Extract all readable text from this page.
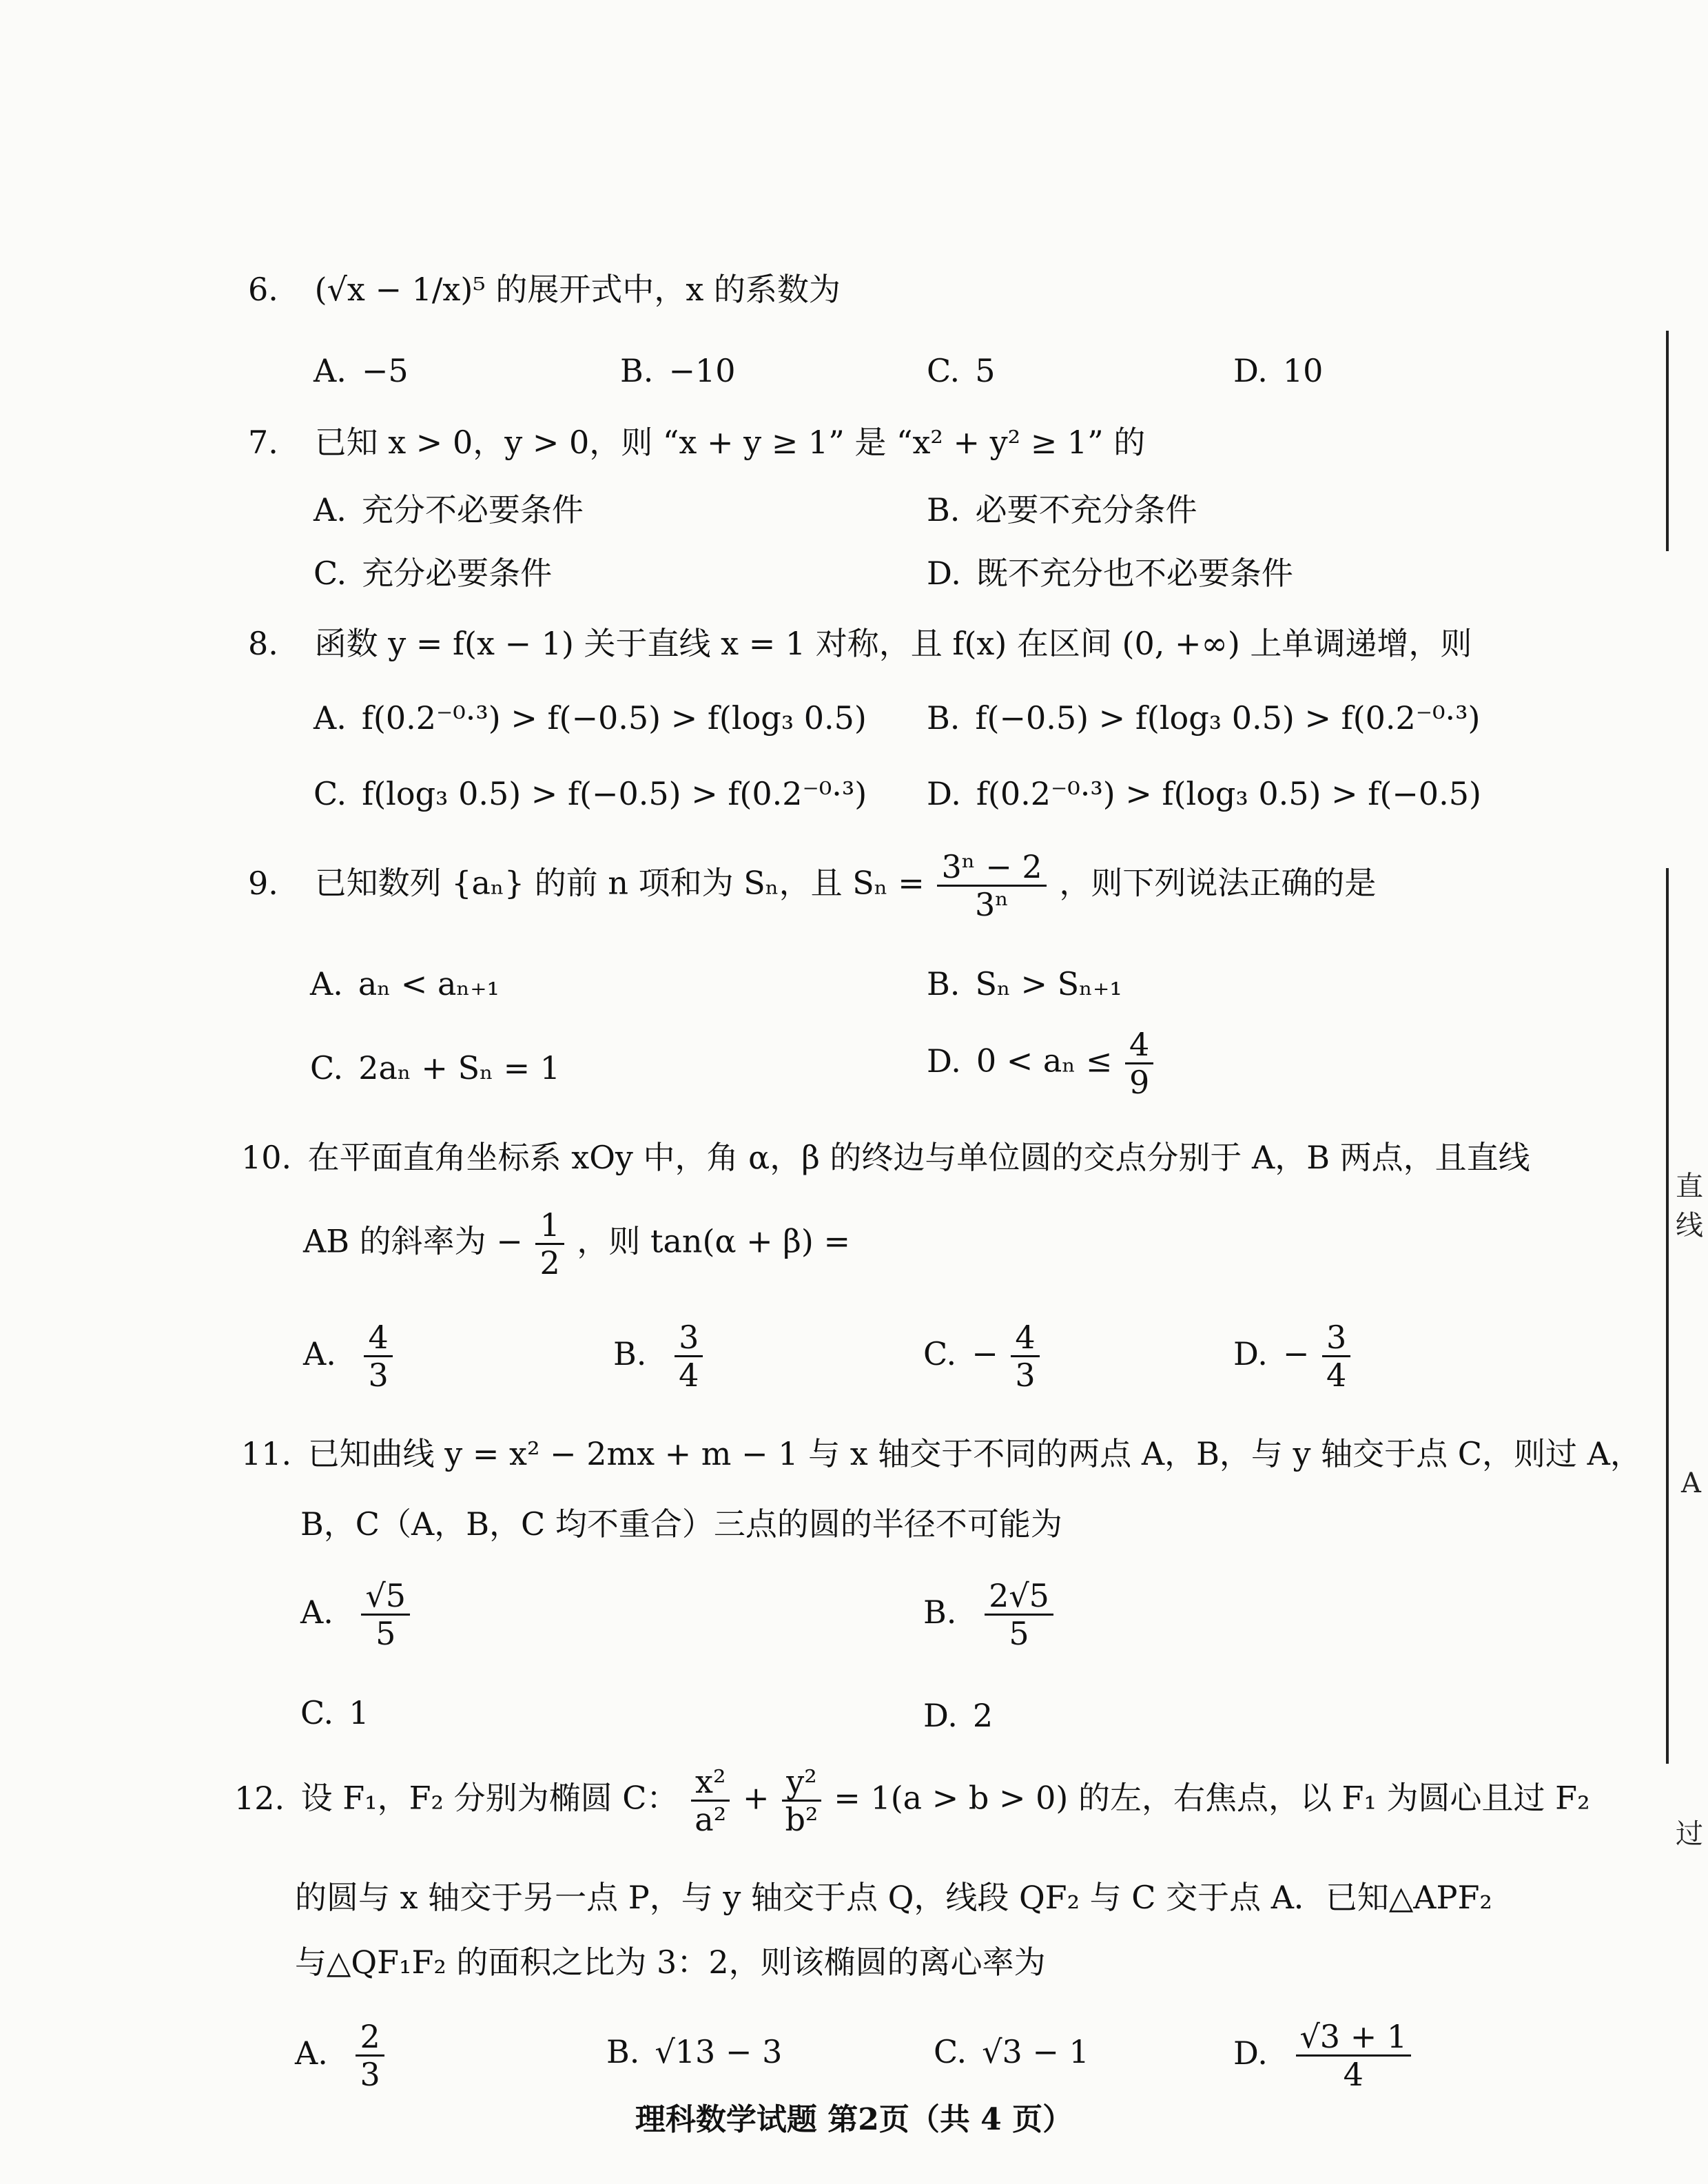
6. (√x − 1/x)⁵ 的展开式中，x 的系数为
A. −5	B. −10	C. 5	D. 10
7. 已知 x > 0，y > 0，则 “x + y ≥ 1” 是 “x² + y² ≥ 1” 的
A. 充分不必要条件	B. 必要不充分条件
C. 充分必要条件	D. 既不充分也不必要条件
8. 函数 y = f(x − 1) 关于直线 x = 1 对称，且 f(x) 在区间 (0, +∞) 上单调递增，则
A. f(0.2⁻⁰·³) > f(−0.5) > f(log₃ 0.5) B. f(−0.5) > f(log₃ 0.5) > f(0.2⁻⁰·³)
C. f(log₃ 0.5) > f(−0.5) > f(0.2⁻⁰·³) D. f(0.2⁻⁰·³) > f(log₃ 0.5) > f(−0.5)
9. 已知数列 {aₙ} 的前 n 项和为 Sₙ，且 $S_n = \frac{\text{3ⁿ − 2}}{\text{3ⁿ}}$ ，则下列说法正确的是
A. aₙ < aₙ₊₁	B. Sₙ > Sₙ₊₁
C. 2aₙ + Sₙ = 1	D. $0 < a_n \le \frac{4}{9}$
10. 在平面直角坐标系 xOy 中，角 α，β 的终边与单位圆的交点分别于 A，B 两点，且直线
AB 的斜率为 − $\frac{1}{2}$ ，则 tan(α + β) =
A. $\frac{4}{3}$	B. $\frac{3}{4}$	C. − $\frac{4}{3}$	D. − $\frac{3}{4}$
11. 已知曲线 y = x² − 2mx + m − 1 与 x 轴交于不同的两点 A，B，与 y 轴交于点 C，则过 A，
B，C（A，B，C 均不重合）三点的圆的半径不可能为
A. $\frac{√5}{5}$	B. $\frac{2√5}{5}$
C. 1	D. 2
12. 设 F₁，F₂ 分别为椭圆 C： $\frac{\text{x²}}{\text{a²}} + \frac{\text{y²}}{\text{b²}} = 1(a > b > 0)$ 的左，右焦点，以 F₁ 为圆心且过 F₂
的圆与 x 轴交于另一点 P，与 y 轴交于点 Q，线段 QF₂ 与 C 交于点 A．已知△APF₂
与△QF₁F₂ 的面积之比为 3：2，则该椭圆的离心率为
A. $\frac{2}{3}$	B. √13 − 3	C. √3 − 1	D. $\frac{√3 + 1}{4}$
理科数学试题 第2页（共 4 页）
直线
A
过
